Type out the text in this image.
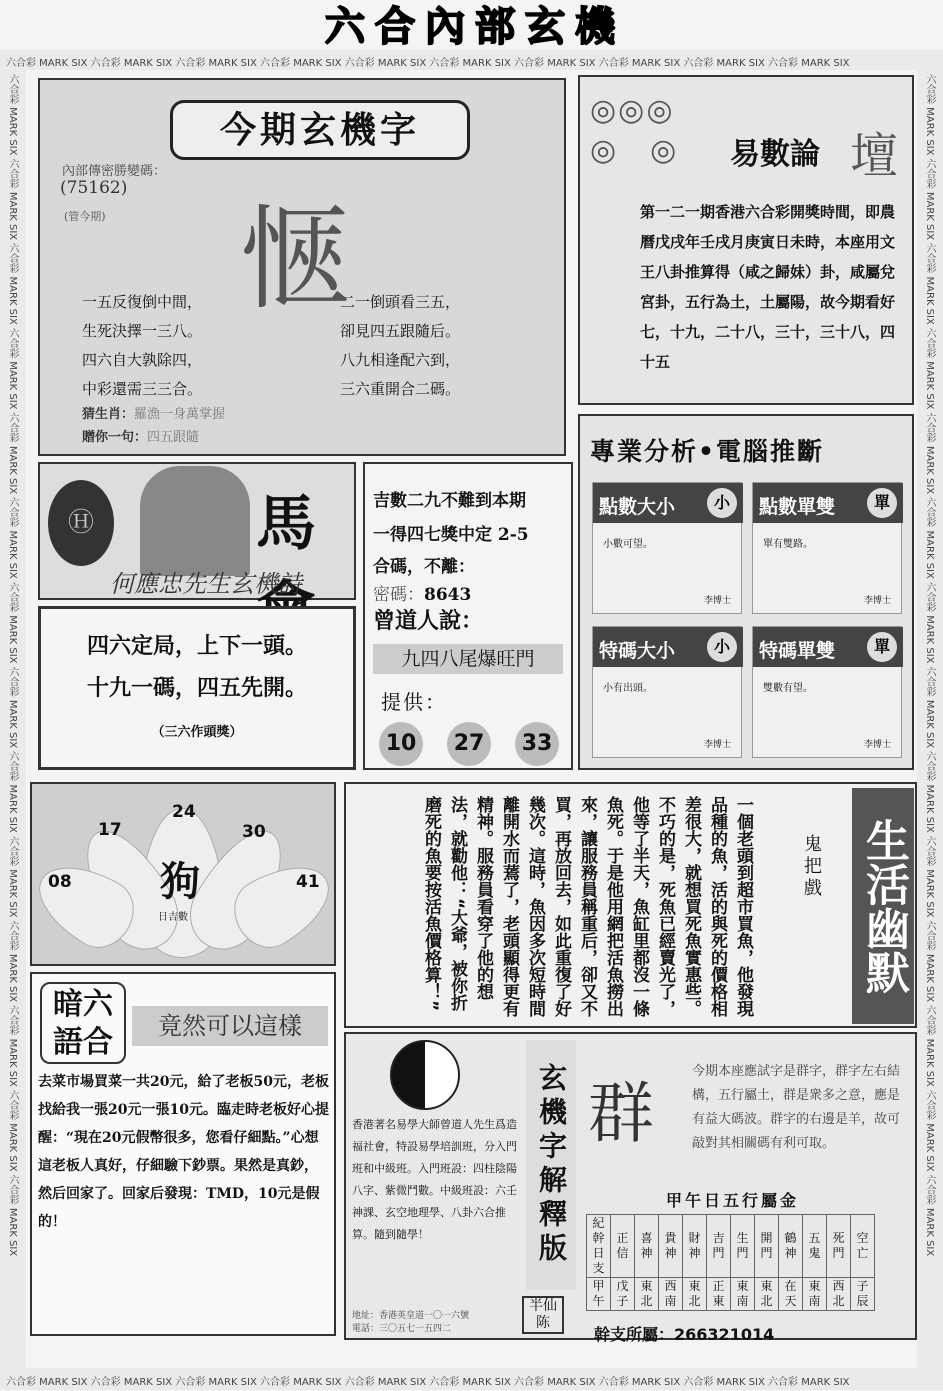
六合內部玄機
六合彩 MARK SIX 六合彩 MARK SIX 六合彩 MARK SIX 六合彩 MARK SIX 六合彩 MARK SIX 六合彩 MARK SIX 六合彩 MARK SIX 六合彩 MARK SIX 六合彩 MARK SIX 六合彩 MARK SIX
六合彩 MARK SIX 六合彩 MARK SIX 六合彩 MARK SIX 六合彩 MARK SIX 六合彩 MARK SIX 六合彩 MARK SIX 六合彩 MARK SIX 六合彩 MARK SIX 六合彩 MARK SIX 六合彩 MARK SIX
六合彩 MARK SIX 六合彩 MARK SIX 六合彩 MARK SIX 六合彩 MARK SIX 六合彩 MARK SIX 六合彩 MARK SIX 六合彩 MARK SIX 六合彩 MARK SIX 六合彩 MARK SIX 六合彩 MARK SIX 六合彩 MARK SIX 六合彩 MARK SIX 六合彩 MARK SIX 六合彩 MARK SIX
六合彩 MARK SIX 六合彩 MARK SIX 六合彩 MARK SIX 六合彩 MARK SIX 六合彩 MARK SIX 六合彩 MARK SIX 六合彩 MARK SIX 六合彩 MARK SIX 六合彩 MARK SIX 六合彩 MARK SIX 六合彩 MARK SIX 六合彩 MARK SIX 六合彩 MARK SIX 六合彩 MARK SIX
今期玄機字
內部傳密勝變碼：
(75162)
(管今期) 愜
一五反復倒中間，
生死決擇一三八。
四六自大孰除四，
中彩還需三三合。
二一倒頭看三五，
卻見四五跟隨后。
八九相逢配六到，
三六重開合二碼。
猜生肖：羅漁一身萬掌握
贈你一句：四五跟隨
◎◎◎
◎　◎ 易數論 壇
第一二一期香港六合彩開獎時間，即農曆戊戌年壬戌月庚寅日未時，本座用文王八卦推算得（咸之歸妹）卦，咸屬兌宮卦，五行為土，土屬陽，故今期看好七，十九，二十八，三十，三十八，四十五
Ⓗ	馬
何應忠先生玄機詩
四六定局，上下一頭。
十九一碼，四五先開。
（三六作頭獎）
吉數二九不難到本期
一得四七獎中定 2-5
合碼，不離：
密碼：8643
曾道人說：
九四八尾爆旺門
提供：
10	27	33
專業分析•電腦推斷
點數大小	小
小數可望。
李博士
點數單雙	單
單有雙路。
李博士
特碼大小	小
小有出頭。
李博士
特碼單雙	單
雙數有望。
李博士
08
17
24
30
41
狗
日吉數	一個老頭到超市買魚，他發現品種的魚，活的與死的價格相差很大，就想買死魚實惠些。不巧的是，死魚已經賣光了，他等了半天，魚缸里都沒一條魚死。于是他用網把活魚撈出來，讓服務員稱重后，卻又不買，再放回去，如此重復了好幾次。這時，魚因多次短時間離開水而蔫了，老頭顯得更有精神。服務員看穿了他的想法，就勸他：“大爺，被你折磨死的魚要按活魚價格算！”	鬼把戲 生活幽默
暗六
語合	竟然可以這樣
去菜市場買菜一共20元，給了老板50元，老板找給我一張20元一張10元。臨走時老板好心提醒：“現在20元假幣很多，您看仔細點。”心想這老板人真好，仔細驗下鈔票。果然是真鈔，然后回家了。回家后發現：TMD，10元是假的！
香港著名易學大師曾道人先生爲造福社會，特設易學培訓班，分入門班和中級班。入門班設：四柱陰陽八字、紫微鬥數。中級班設：六壬神課、玄空地理學、八卦六合推算。隨到隨學！
地址：香港英皇道一〇一六號
電話：三〇五七一五四二
玄機字解釋版 群
今期本座應試字是群字，群字左右結構，五行屬土，群是衆多之意，應是有益大碼波。群字的右邊是羊，故可敲對其相關碼有利可取。
甲午日五行屬金
紀幹日支	正信	喜神	貴神	財神	吉門	生門	開門	鶴神	五鬼	死門	空亡
甲午	戊子	東北	西南	東北	正東	東南	東北	在天	東南	西北	子辰
半仙
陈
幹支所屬：266321014
